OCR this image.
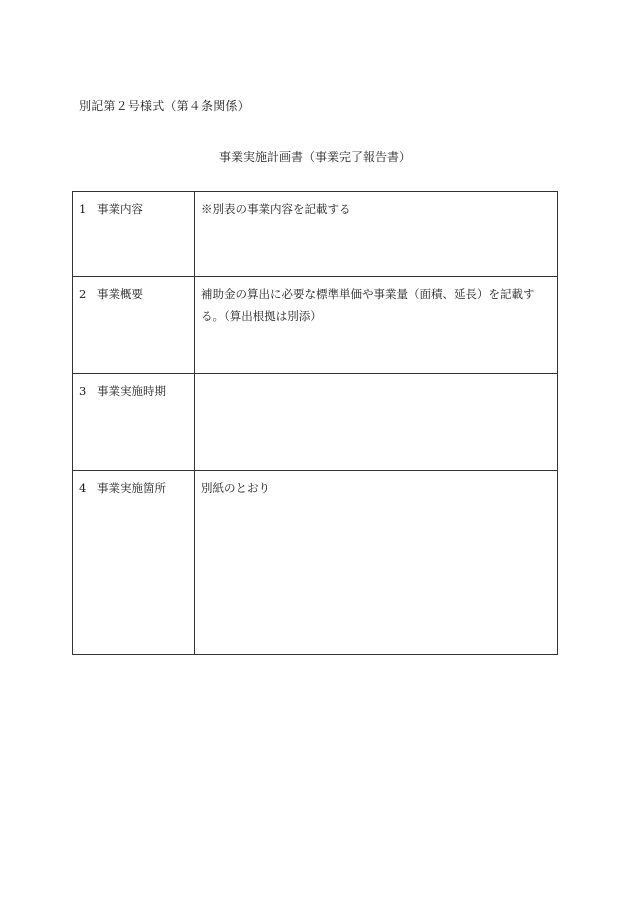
別記第２号様式（第４条関係）
事業実施計画書（事業完了報告書）
1 事業内容	※別表の事業内容を記載する

2 事業概要	補助金の算出に必要な標準単価や事業量（面積、延長）を記載する。（算出根拠は別添）

3 事業実施時期	

4 事業実施箇所	別紙のとおり
